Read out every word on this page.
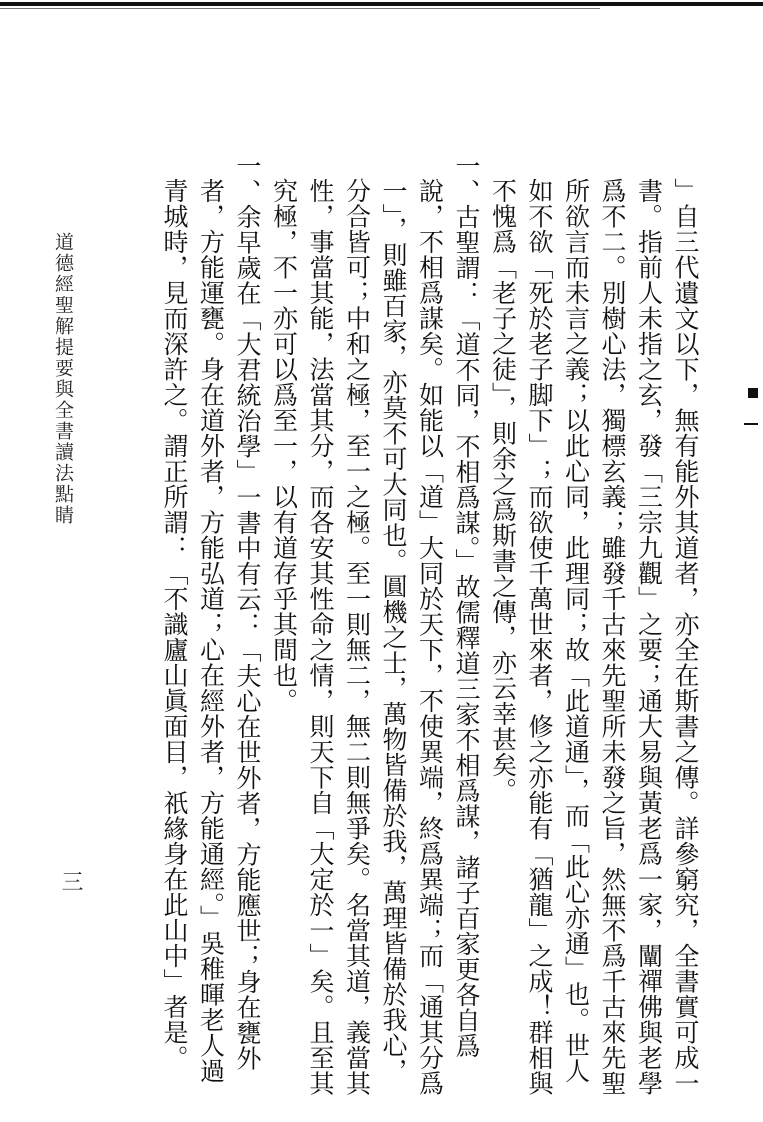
」自三代遺文以下，無有能外其道者，亦全在斯書之傳。詳參窮究，全書實可成一書。指前人未指之玄，發「三宗九觀」之要；通大易與黃老爲一家，闡禪佛與老學爲不二。別樹心法，獨標玄義；雖發千古來先聖所未發之旨，然無不爲千古來先聖所欲言而未言之義；以此心同，此理同；故「此道通」，而「此心亦通」也。世人如不欲「死於老子脚下」；而欲使千萬世來者，修之亦能有「猶龍」之成！群相與不愧爲「老子之徒」，則余之爲斯書之傳，亦云幸甚矣。

一、古聖謂：「道不同，不相爲謀。」故儒釋道三家不相爲謀，諸子百家更各自爲說，不相爲謀矣。如能以「道」大同於天下，不使異端，終爲異端；而「通其分爲一」，則雖百家，亦莫不可大同也。圓機之士，萬物皆備於我，萬理皆備於我心，分合皆可；中和之極，至一之極。至一則無二，無二則無爭矣。名當其道，義當其性，事當其能，法當其分，而各安其性命之情，則天下自「大定於一」矣。且至其究極，不一亦可以爲至一，以有道存乎其間也。

一、余早歲在「大君統治學」一書中有云：「夫心在世外者，方能應世；身在甕外者，方能運甕。身在道外者，方能弘道；心在經外者，方能通經。」吳稚暉老人過青城時，見而深許之。謂正所謂：「不識廬山眞面目，祇緣身在此山中」者是。

道德經聖解提要與全書讀法點睛
三
